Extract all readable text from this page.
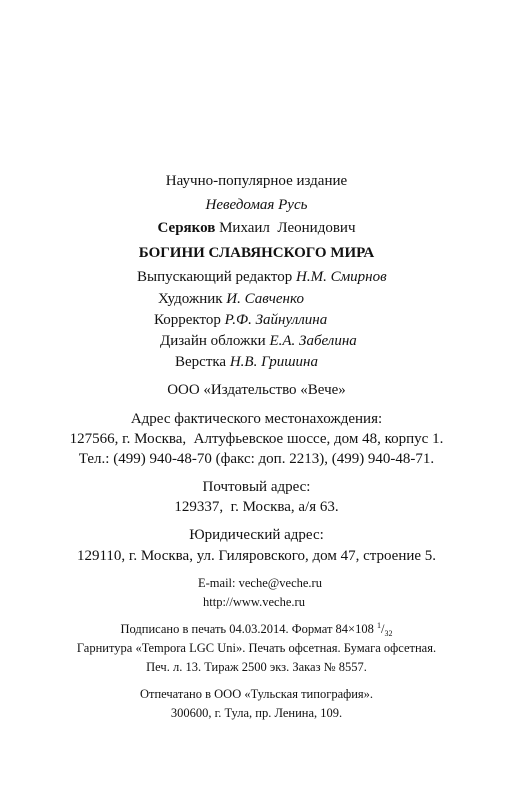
Научно-популярное издание
Неведомая Русь
Серяков Михаил  Леонидович
БОГИНИ СЛАВЯНСКОГО МИРА
Выпускающий редактор Н.М. Смирнов
Художник И. Савченко
Корректор Р.Ф. Зайнуллина
Дизайн обложки Е.А. Забелина
Верстка Н.В. Гришина
ООО «Издательство «Вече»
Адрес фактического местонахождения:
127566, г. Москва,  Алтуфьевское шоссе, дом 48, корпус 1.
Тел.: (499) 940-48-70 (факс: доп. 2213), (499) 940-48-71.
Почтовый адрес:
129337,  г. Москва, а/я 63.
Юридический адрес:
129110, г. Москва, ул. Гиляровского, дом 47, строение 5.
E-mail: veche@veche.ru
http://www.veche.ru
Подписано в печать 04.03.2014. Формат 84×108 $^1/_{32}$
Гарнитура «Tempora LGC Uni». Печать офсетная. Бумага офсетная.
Печ. л. 13. Тираж 2500 экз. Заказ № 8557.
Отпечатано в ООО «Тульская типография».
300600, г. Тула, пр. Ленина, 109.
